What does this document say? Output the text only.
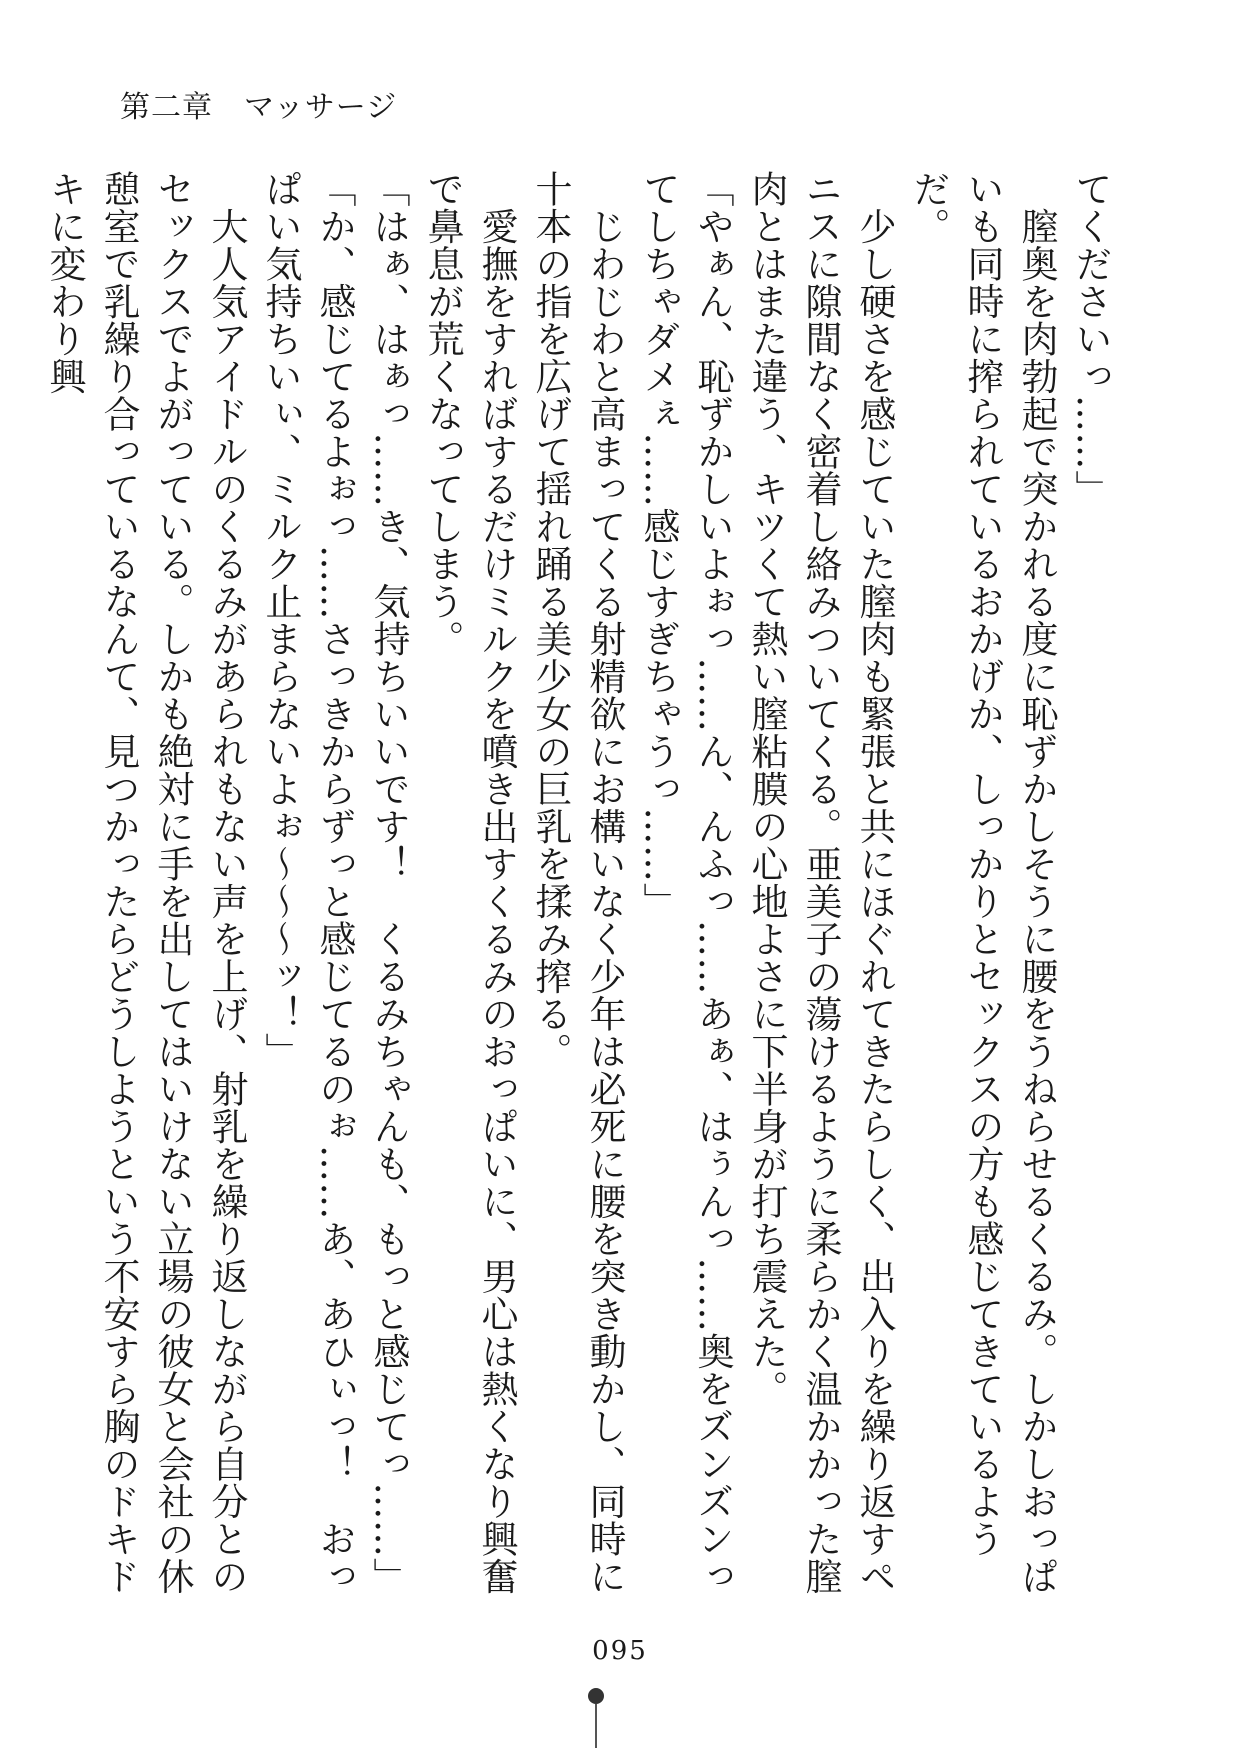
第二章　マッサージ

てくださいっ……」

　膣奥を肉勃起で突かれる度に恥ずかしそうに腰をうねらせるくるみ。しかしおっぱいも同時に搾られているおかげか、しっかりとセックスの方も感じてきているようだ。

　少し硬さを感じていた膣肉も緊張と共にほぐれてきたらしく、出入りを繰り返すペニスに隙間なく密着し絡みついてくる。亜美子の蕩けるように柔らかく温かかった膣肉とはまた違う、キツくて熱い膣粘膜の心地よさに下半身が打ち震えた。

「やぁん、恥ずかしいよぉっ……ん、んふっ……あぁ、はぅんっ……奥をズンズンってしちゃダメぇ……感じすぎちゃうっ……」

　じわじわと高まってくる射精欲にお構いなく少年は必死に腰を突き動かし、同時に十本の指を広げて揺れ踊る美少女の巨乳を揉み搾る。

　愛撫をすればするだけミルクを噴き出すくるみのおっぱいに、男心は熱くなり興奮で鼻息が荒くなってしまう。

「はぁ、はぁっ……き、気持ちいいです！　くるみちゃんも、もっと感じてっ……」

「か、感じてるよぉっ……さっきからずっと感じてるのぉ……あ、あひぃっ！　おっぱい気持ちいぃ、ミルク止まらないよぉ～～～ッ！」

　大人気アイドルのくるみがあられもない声を上げ、射乳を繰り返しながら自分とのセックスでよがっている。しかも絶対に手を出してはいけない立場の彼女と会社の休憩室で乳繰り合っているなんて、見つかったらどうしようという不安すら胸のドキドキに変わり興

095
